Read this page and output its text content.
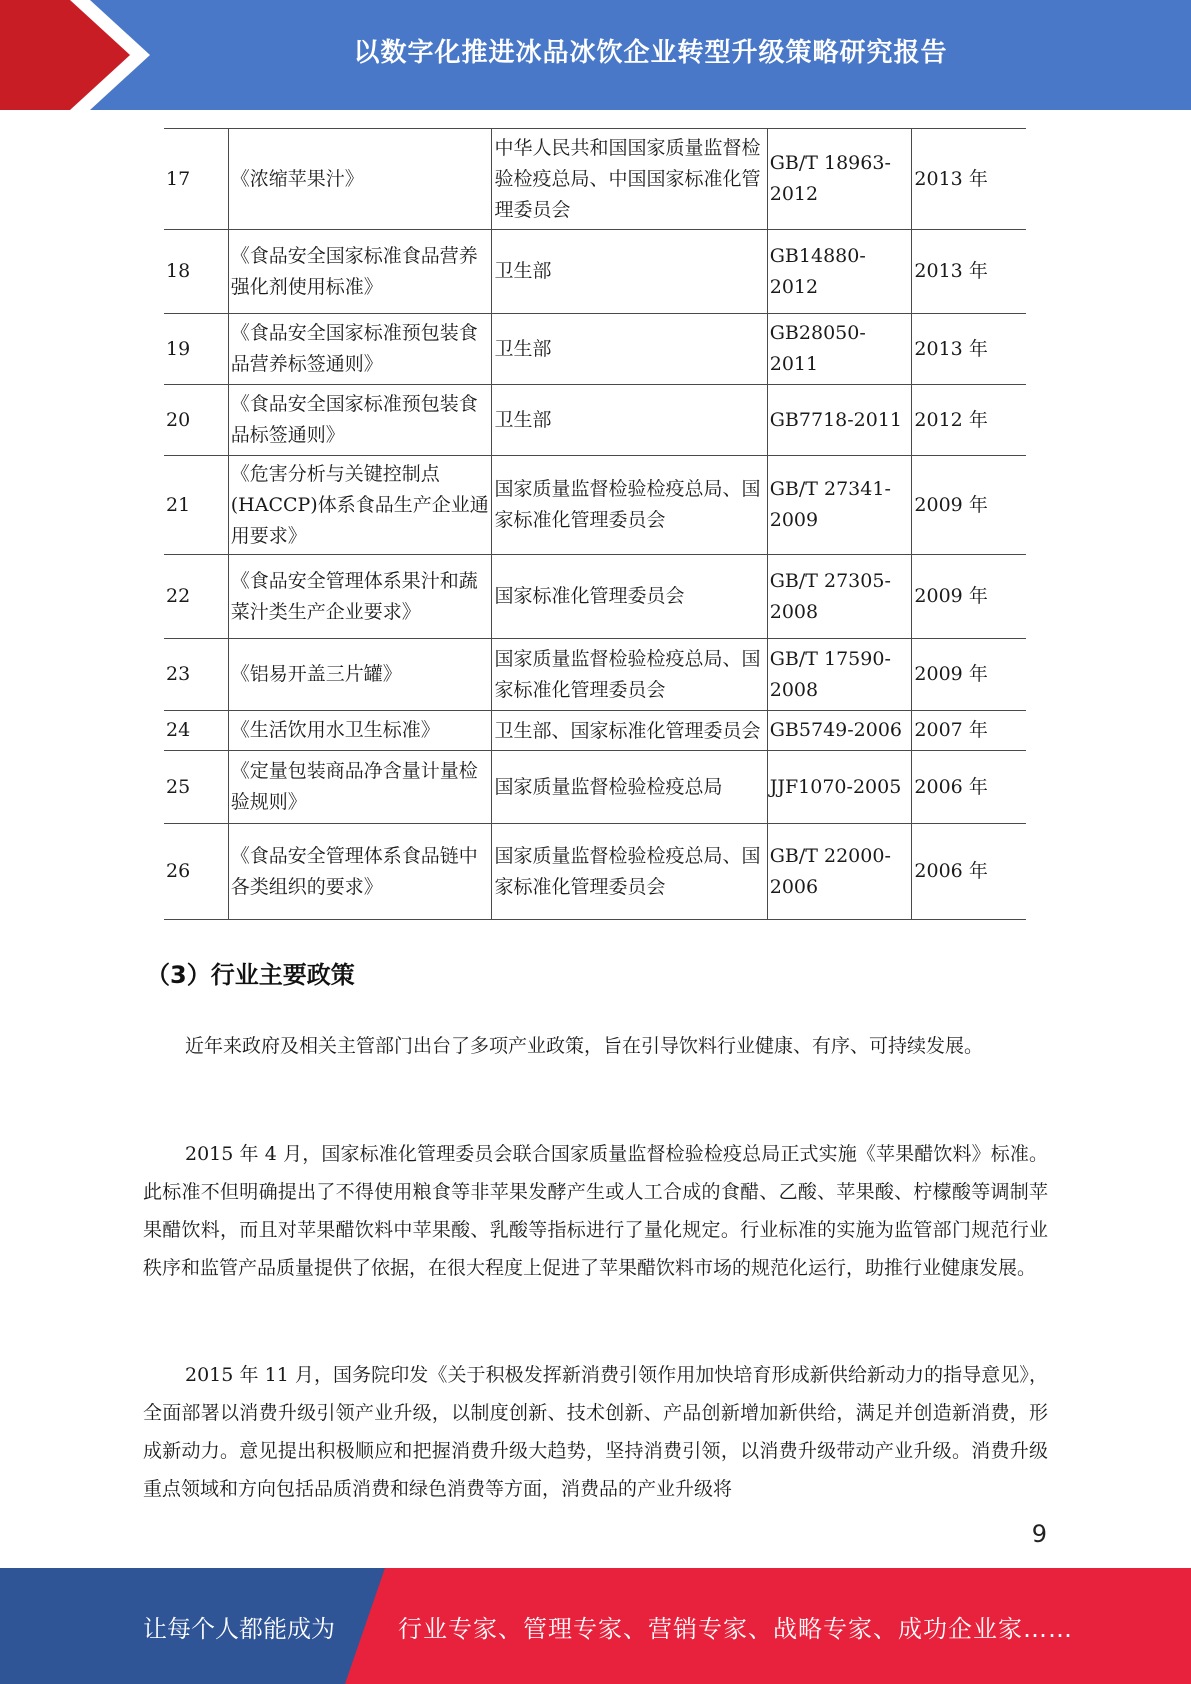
以数字化推进冰品冰饮企业转型升级策略研究报告
17	《浓缩苹果汁》	中华人民共和国国家质量监督检验检疫总局、中国国家标准化管理委员会	GB/T 18963-2012	2013 年
18	《食品安全国家标准食品营养强化剂使用标准》	卫生部	GB14880-2012	2013 年
19	《食品安全国家标准预包装食品营养标签通则》	卫生部	GB28050-2011	2013 年
20	《食品安全国家标准预包装食品标签通则》	卫生部	GB7718-2011	2012 年
21	《危害分析与关键控制点(HACCP)体系食品生产企业通用要求》	国家质量监督检验检疫总局、国家标准化管理委员会	GB/T 27341-2009	2009 年
22	《食品安全管理体系果汁和蔬菜汁类生产企业要求》	国家标准化管理委员会	GB/T 27305-2008	2009 年
23	《铝易开盖三片罐》	国家质量监督检验检疫总局、国家标准化管理委员会	GB/T 17590-2008	2009 年
24	《生活饮用水卫生标准》	卫生部、国家标准化管理委员会	GB5749-2006	2007 年
25	《定量包装商品净含量计量检验规则》	国家质量监督检验检疫总局	JJF1070-2005	2006 年
26	《食品安全管理体系食品链中各类组织的要求》	国家质量监督检验检疫总局、国家标准化管理委员会	GB/T 22000-2006	2006 年
（3）行业主要政策

近年来政府及相关主管部门出台了多项产业政策，旨在引导饮料行业健康、有序、可持续发展。

2015 年 4 月，国家标准化管理委员会联合国家质量监督检验检疫总局正式实施《苹果醋饮料》标准。此标准不但明确提出了不得使用粮食等非苹果发酵产生或人工合成的食醋、乙酸、苹果酸、柠檬酸等调制苹果醋饮料，而且对苹果醋饮料中苹果酸、乳酸等指标进行了量化规定。行业标准的实施为监管部门规范行业秩序和监管产品质量提供了依据，在很大程度上促进了苹果醋饮料市场的规范化运行，助推行业健康发展。

2015 年 11 月，国务院印发《关于积极发挥新消费引领作用加快培育形成新供给新动力的指导意见》，全面部署以消费升级引领产业升级，以制度创新、技术创新、产品创新增加新供给，满足并创造新消费，形成新动力。意见提出积极顺应和把握消费升级大趋势，坚持消费引领，以消费升级带动产业升级。消费升级重点领域和方向包括品质消费和绿色消费等方面，消费品的产业升级将

9
让每个人都能成为	行业专家、管理专家、营销专家、战略专家、成功企业家……
